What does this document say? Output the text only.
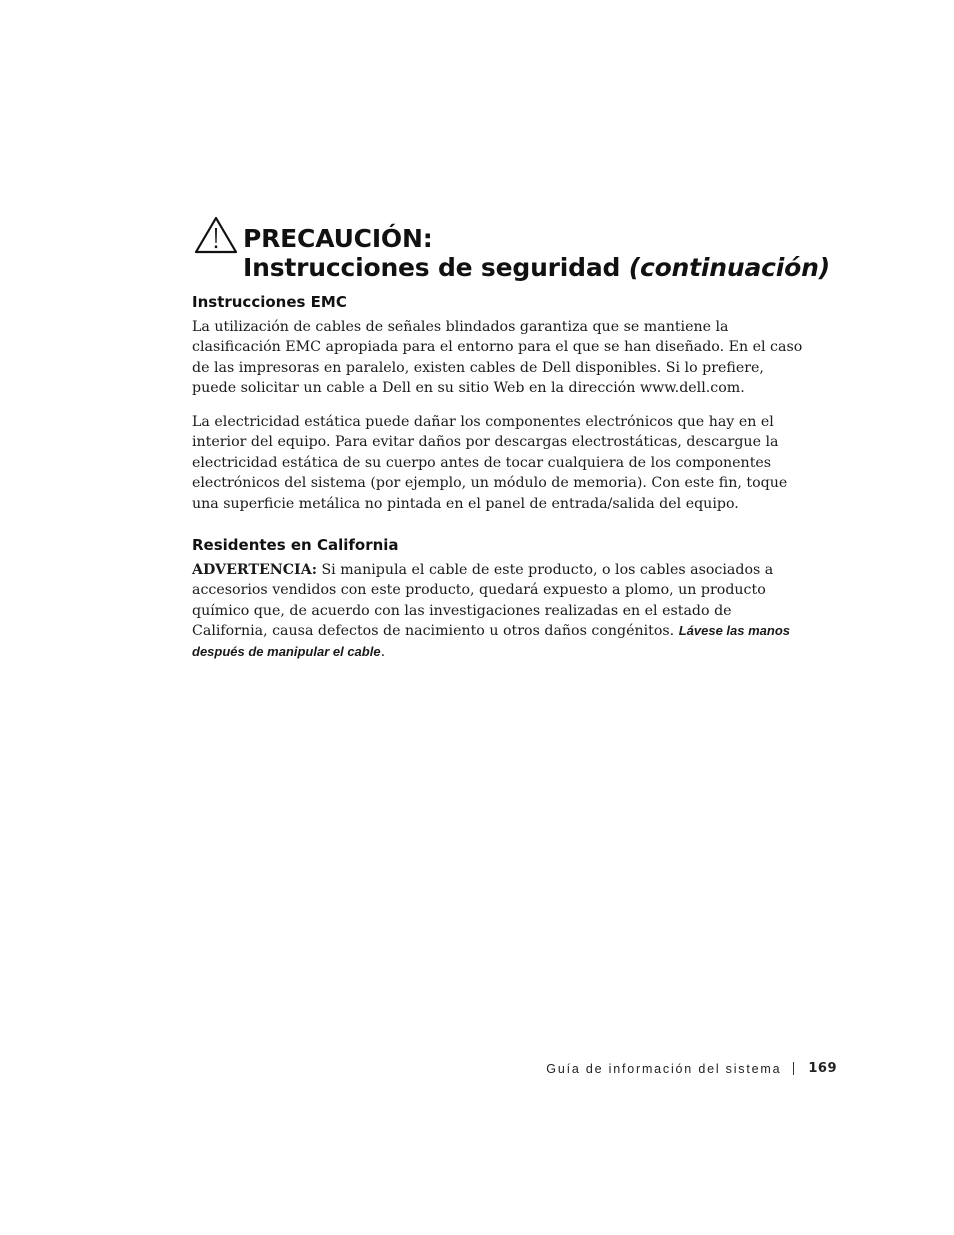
PRECAUCIÓN:
Instrucciones de seguridad (continuación)
Instrucciones EMC

La utilización de cables de señales blindados garantiza que se mantiene la clasificación EMC apropiada para el entorno para el que se han diseñado. En el caso de las impresoras en paralelo, existen cables de Dell disponibles. Si lo prefiere, puede solicitar un cable a Dell en su sitio Web en la dirección www.dell.com.

La electricidad estática puede dañar los componentes electrónicos que hay en el interior del equipo. Para evitar daños por descargas electrostáticas, descargue la electricidad estática de su cuerpo antes de tocar cualquiera de los componentes electrónicos del sistema (por ejemplo, un módulo de memoria). Con este fin, toque una superficie metálica no pintada en el panel de entrada/salida del equipo.

Residentes en California

ADVERTENCIA: Si manipula el cable de este producto, o los cables asociados a accesorios vendidos con este producto, quedará expuesto a plomo, un producto químico que, de acuerdo con las investigaciones realizadas en el estado de California, causa defectos de nacimiento u otros daños congénitos. Lávese las manos después de manipular el cable.

Guía de información del sistema 169
